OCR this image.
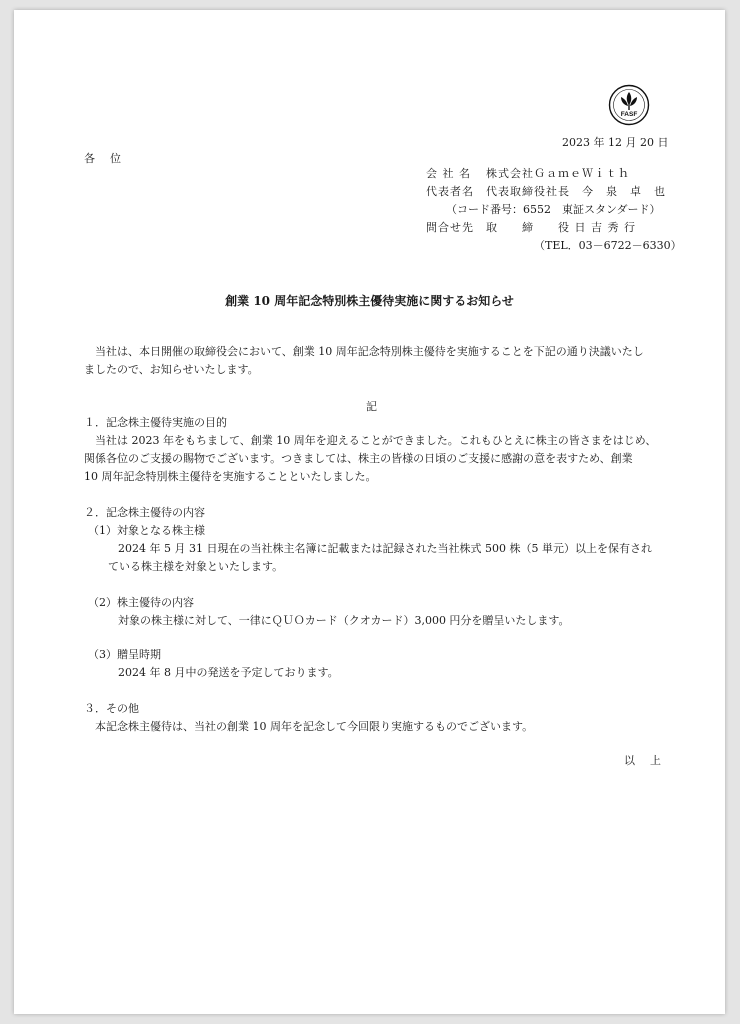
FASF
2023 年 12 月 20 日
各　位
会 社 名 株式会社ＧａｍｅＷｉｔｈ
代表者名 代表取締役社長　今　泉　卓　也
（コード番号：6552　東証スタンダード）
問合せ先 取　　締　　役 日 吉 秀 行
（TEL．03－6722－6330）
創業 10 周年記念特別株主優待実施に関するお知らせ
　当社は、本日開催の取締役会において、創業 10 周年記念特別株主優待を実施することを下記の通り決議いたし
ましたので、お知らせいたします。
記
１．記念株主優待実施の目的
　当社は 2023 年をもちまして、創業 10 周年を迎えることができました。これもひとえに株主の皆さまをはじめ、
関係各位のご支援の賜物でございます。つきましては、株主の皆様の日頃のご支援に感謝の意を表すため、創業
10 周年記念特別株主優待を実施することといたしました。
２．記念株主優待の内容
（1）対象となる株主様
2024 年 5 月 31 日現在の当社株主名簿に記載または記録された当社株式 500 株（5 単元）以上を保有され
ている株主様を対象といたします。
（2）株主優待の内容
対象の株主様に対して、一律にＱＵＯカード（クオカード）3,000 円分を贈呈いたします。
（3）贈呈時期
2024 年 8 月中の発送を予定しております。
３．その他
　本記念株主優待は、当社の創業 10 周年を記念して今回限り実施するものでございます。
以　上
